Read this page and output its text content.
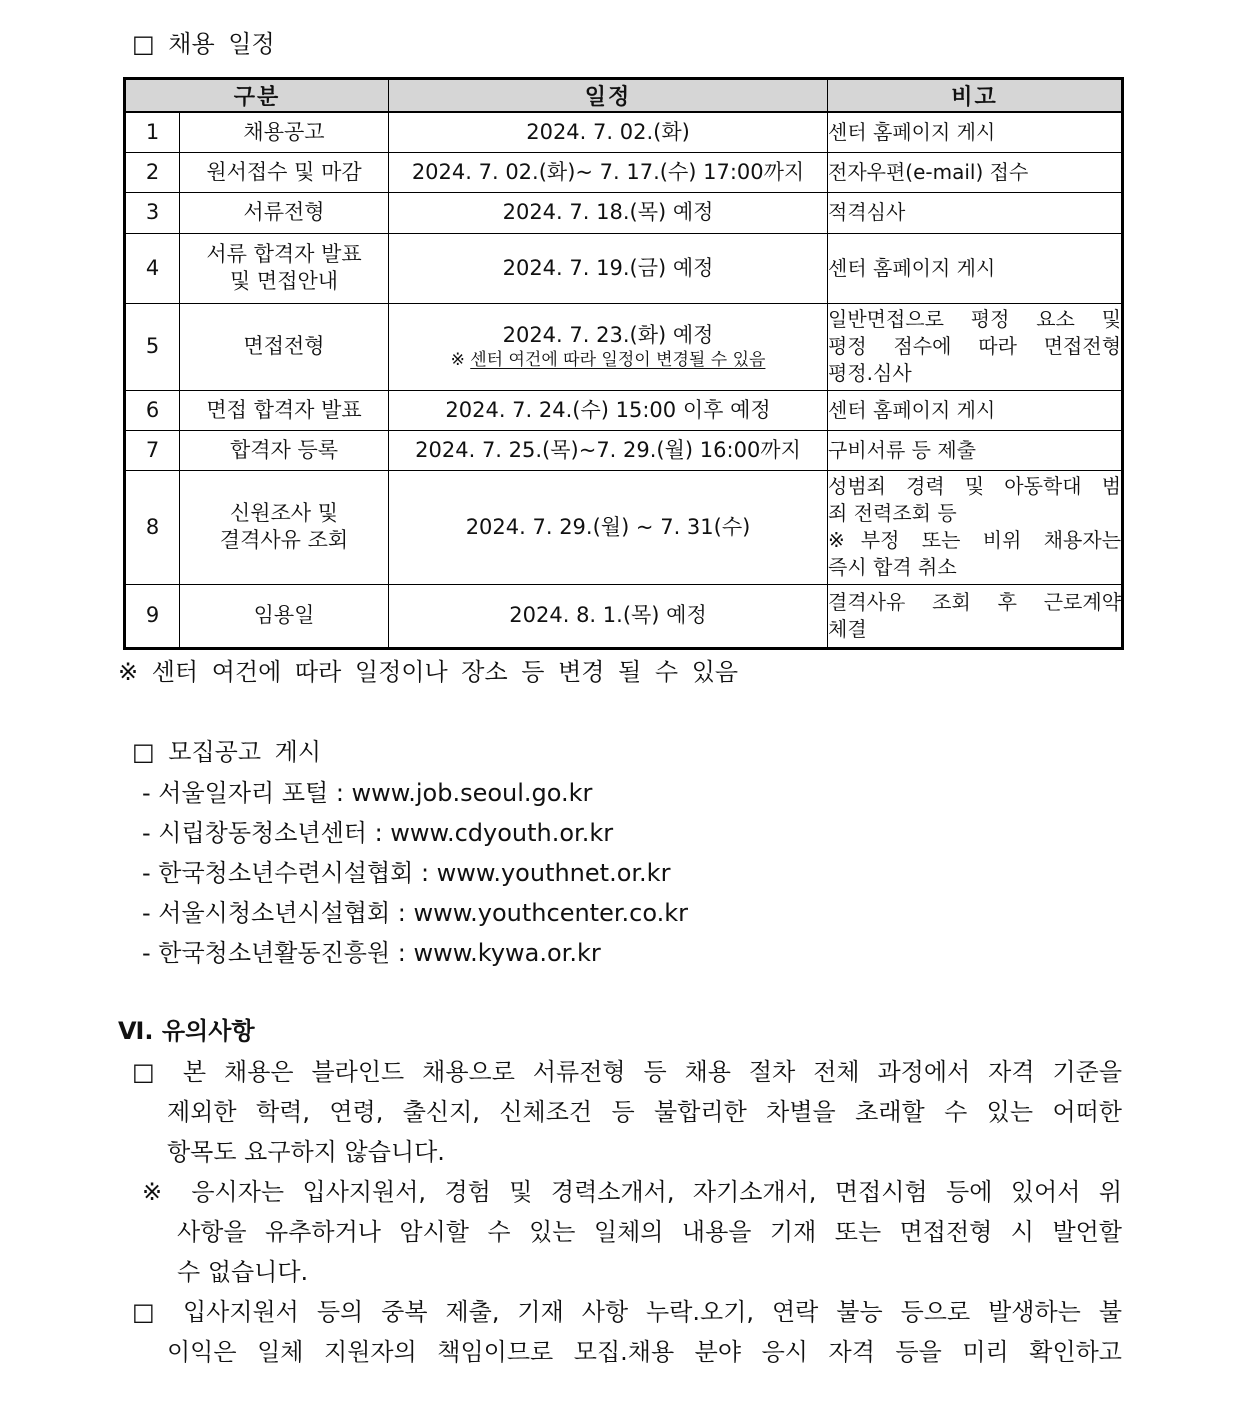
□ 채용 일정
구분		일정	비고
1	채용공고	2024. 7. 02.(화)	센터 홈페이지 게시

2	원서접수 및 마감	2024. 7. 02.(화)~ 7. 17.(수) 17:00까지	전자우편(e-mail) 접수

3	서류전형	2024. 7. 18.(목) 예정	적격심사

4	서류 합격자 발표
및 면접안내	2024. 7. 19.(금) 예정	센터 홈페이지 게시

5	면접전형	2024. 7. 23.(화) 예정
※ 센터 여건에 따라 일정이 변경될 수 있음	일반면접으로 평정 요소 및
평정 점수에 따라 면접전형
평정.심사

6	면접 합격자 발표	2024. 7. 24.(수) 15:00 이후 예정	센터 홈페이지 게시

7	합격자 등록	2024. 7. 25.(목)~7. 29.(월) 16:00까지	구비서류 등 제출

8	신원조사 및
결격사유 조회	2024. 7. 29.(월) ~ 7. 31(수)	성범죄 경력 및 아동학대 범
죄 전력조회 등
※부정 또는 비위 채용자는
즉시 합격 취소

9	임용일	2024. 8. 1.(목) 예정	결격사유 조회 후 근로계약
체결
※ 센터 여건에 따라 일정이나 장소 등 변경 될 수 있음
□ 모집공고 게시
- 서울일자리 포털 : www.job.seoul.go.kr
- 시립창동청소년센터 : www.cdyouth.or.kr
- 한국청소년수련시설협회 : www.youthnet.or.kr
- 서울시청소년시설협회 : www.youthcenter.co.kr
- 한국청소년활동진흥원 : www.kywa.or.kr
Ⅵ. 유의사항
□ 본 채용은 블라인드 채용으로 서류전형 등 채용 절차 전체 과정에서 자격 기준을
제외한 학력, 연령, 출신지, 신체조건 등 불합리한 차별을 초래할 수 있는 어떠한
항목도 요구하지 않습니다.
※ 응시자는 입사지원서, 경험 및 경력소개서, 자기소개서, 면접시험 등에 있어서 위
사항을 유추하거나 암시할 수 있는 일체의 내용을 기재 또는 면접전형 시 발언할
수 없습니다.
□ 입사지원서 등의 중복 제출, 기재 사항 누락.오기, 연락 불능 등으로 발생하는 불
이익은 일체 지원자의 책임이므로 모집.채용 분야 응시 자격 등을 미리 확인하고
